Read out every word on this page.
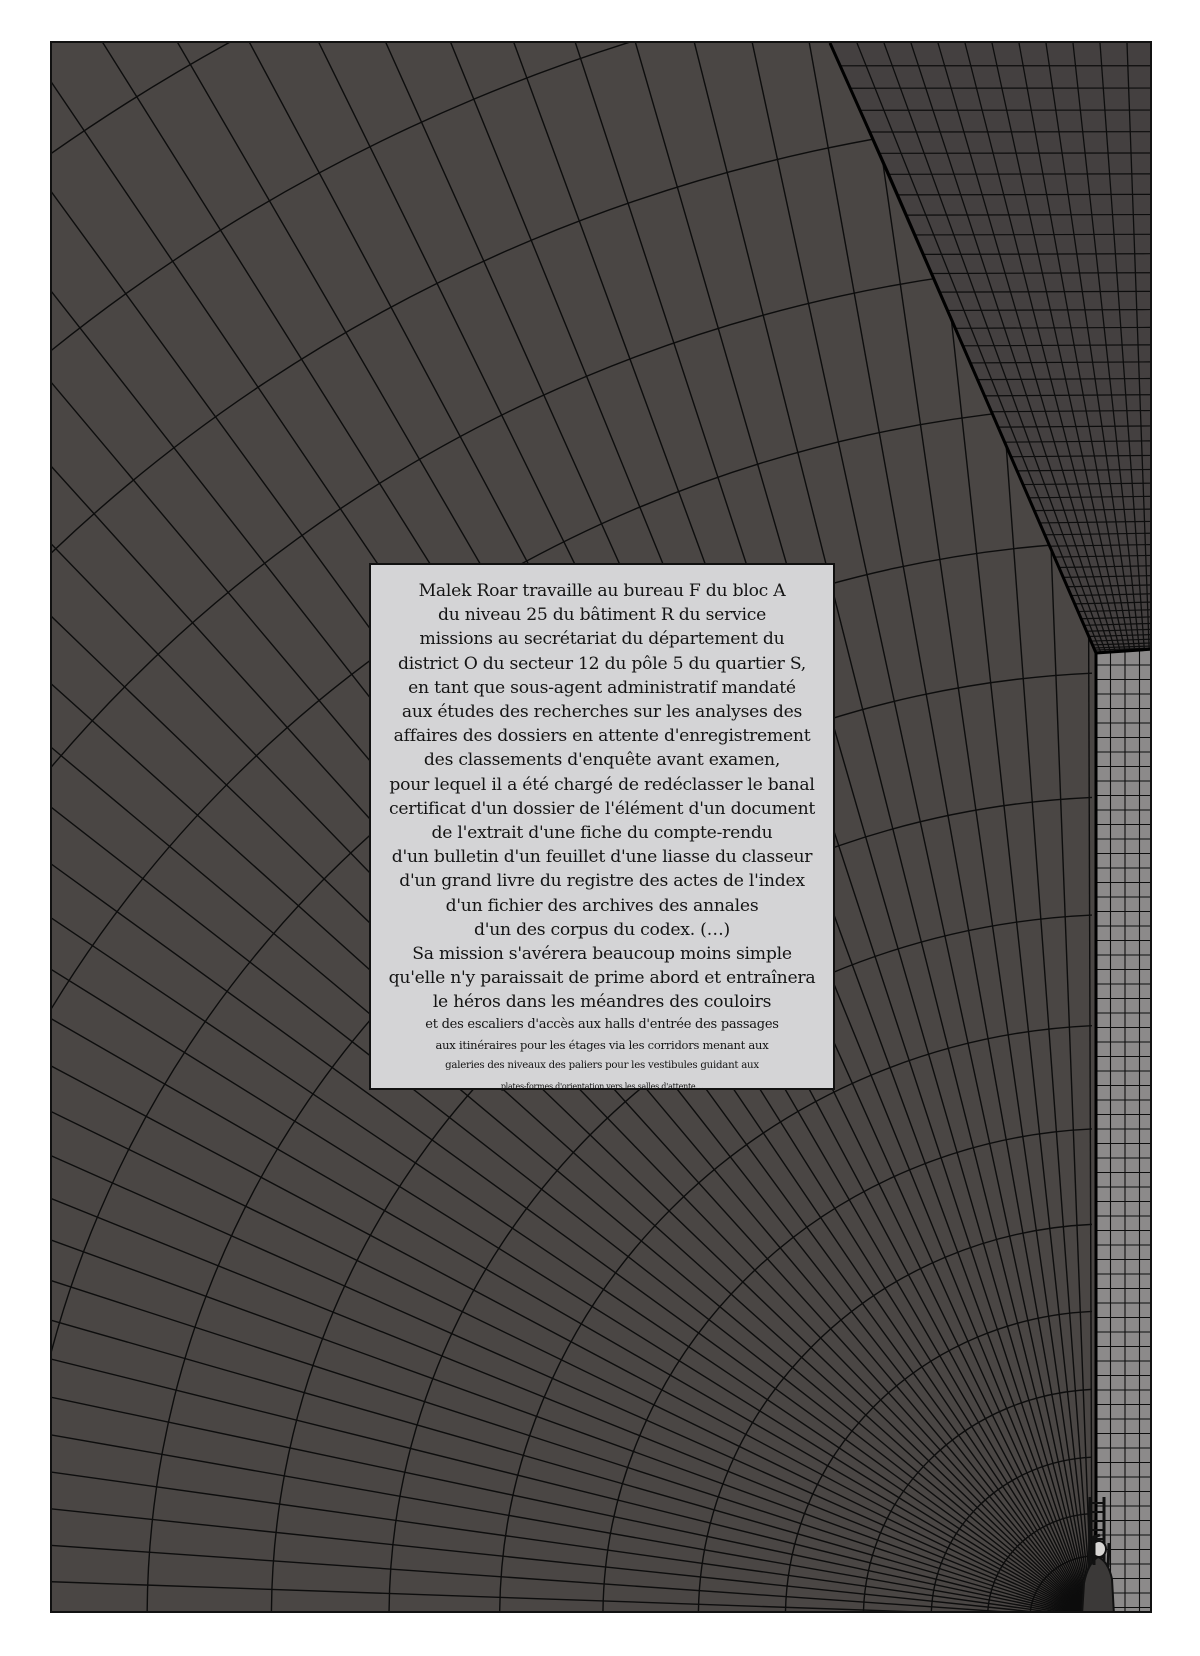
Malek Roar travaille au bureau F du bloc A
du niveau 25 du bâtiment R du service
missions au secrétariat du département du
district O du secteur 12 du pôle 5 du quartier S,
en tant que sous-agent administratif mandaté
aux études des recherches sur les analyses des
affaires des dossiers en attente d'enregistrement
des classements d'enquête avant examen,
pour lequel il a été chargé de redéclasser le banal
certificat d'un dossier de l'élément d'un document
de l'extrait d'une fiche du compte-rendu
d'un bulletin d'un feuillet d'une liasse du classeur
d'un grand livre du registre des actes de l'index
d'un fichier des archives des annales
d'un des corpus du codex. (…)
Sa mission s'avérera beaucoup moins simple
qu'elle n'y paraissait de prime abord et entraînera
le héros dans les méandres des couloirs
et des escaliers d'accès aux halls d'entrée des passages
aux itinéraires pour les étages via les corridors menant aux
galeries des niveaux des paliers pour les vestibules guidant aux
plates-formes d'orientation vers les salles d'attente…
